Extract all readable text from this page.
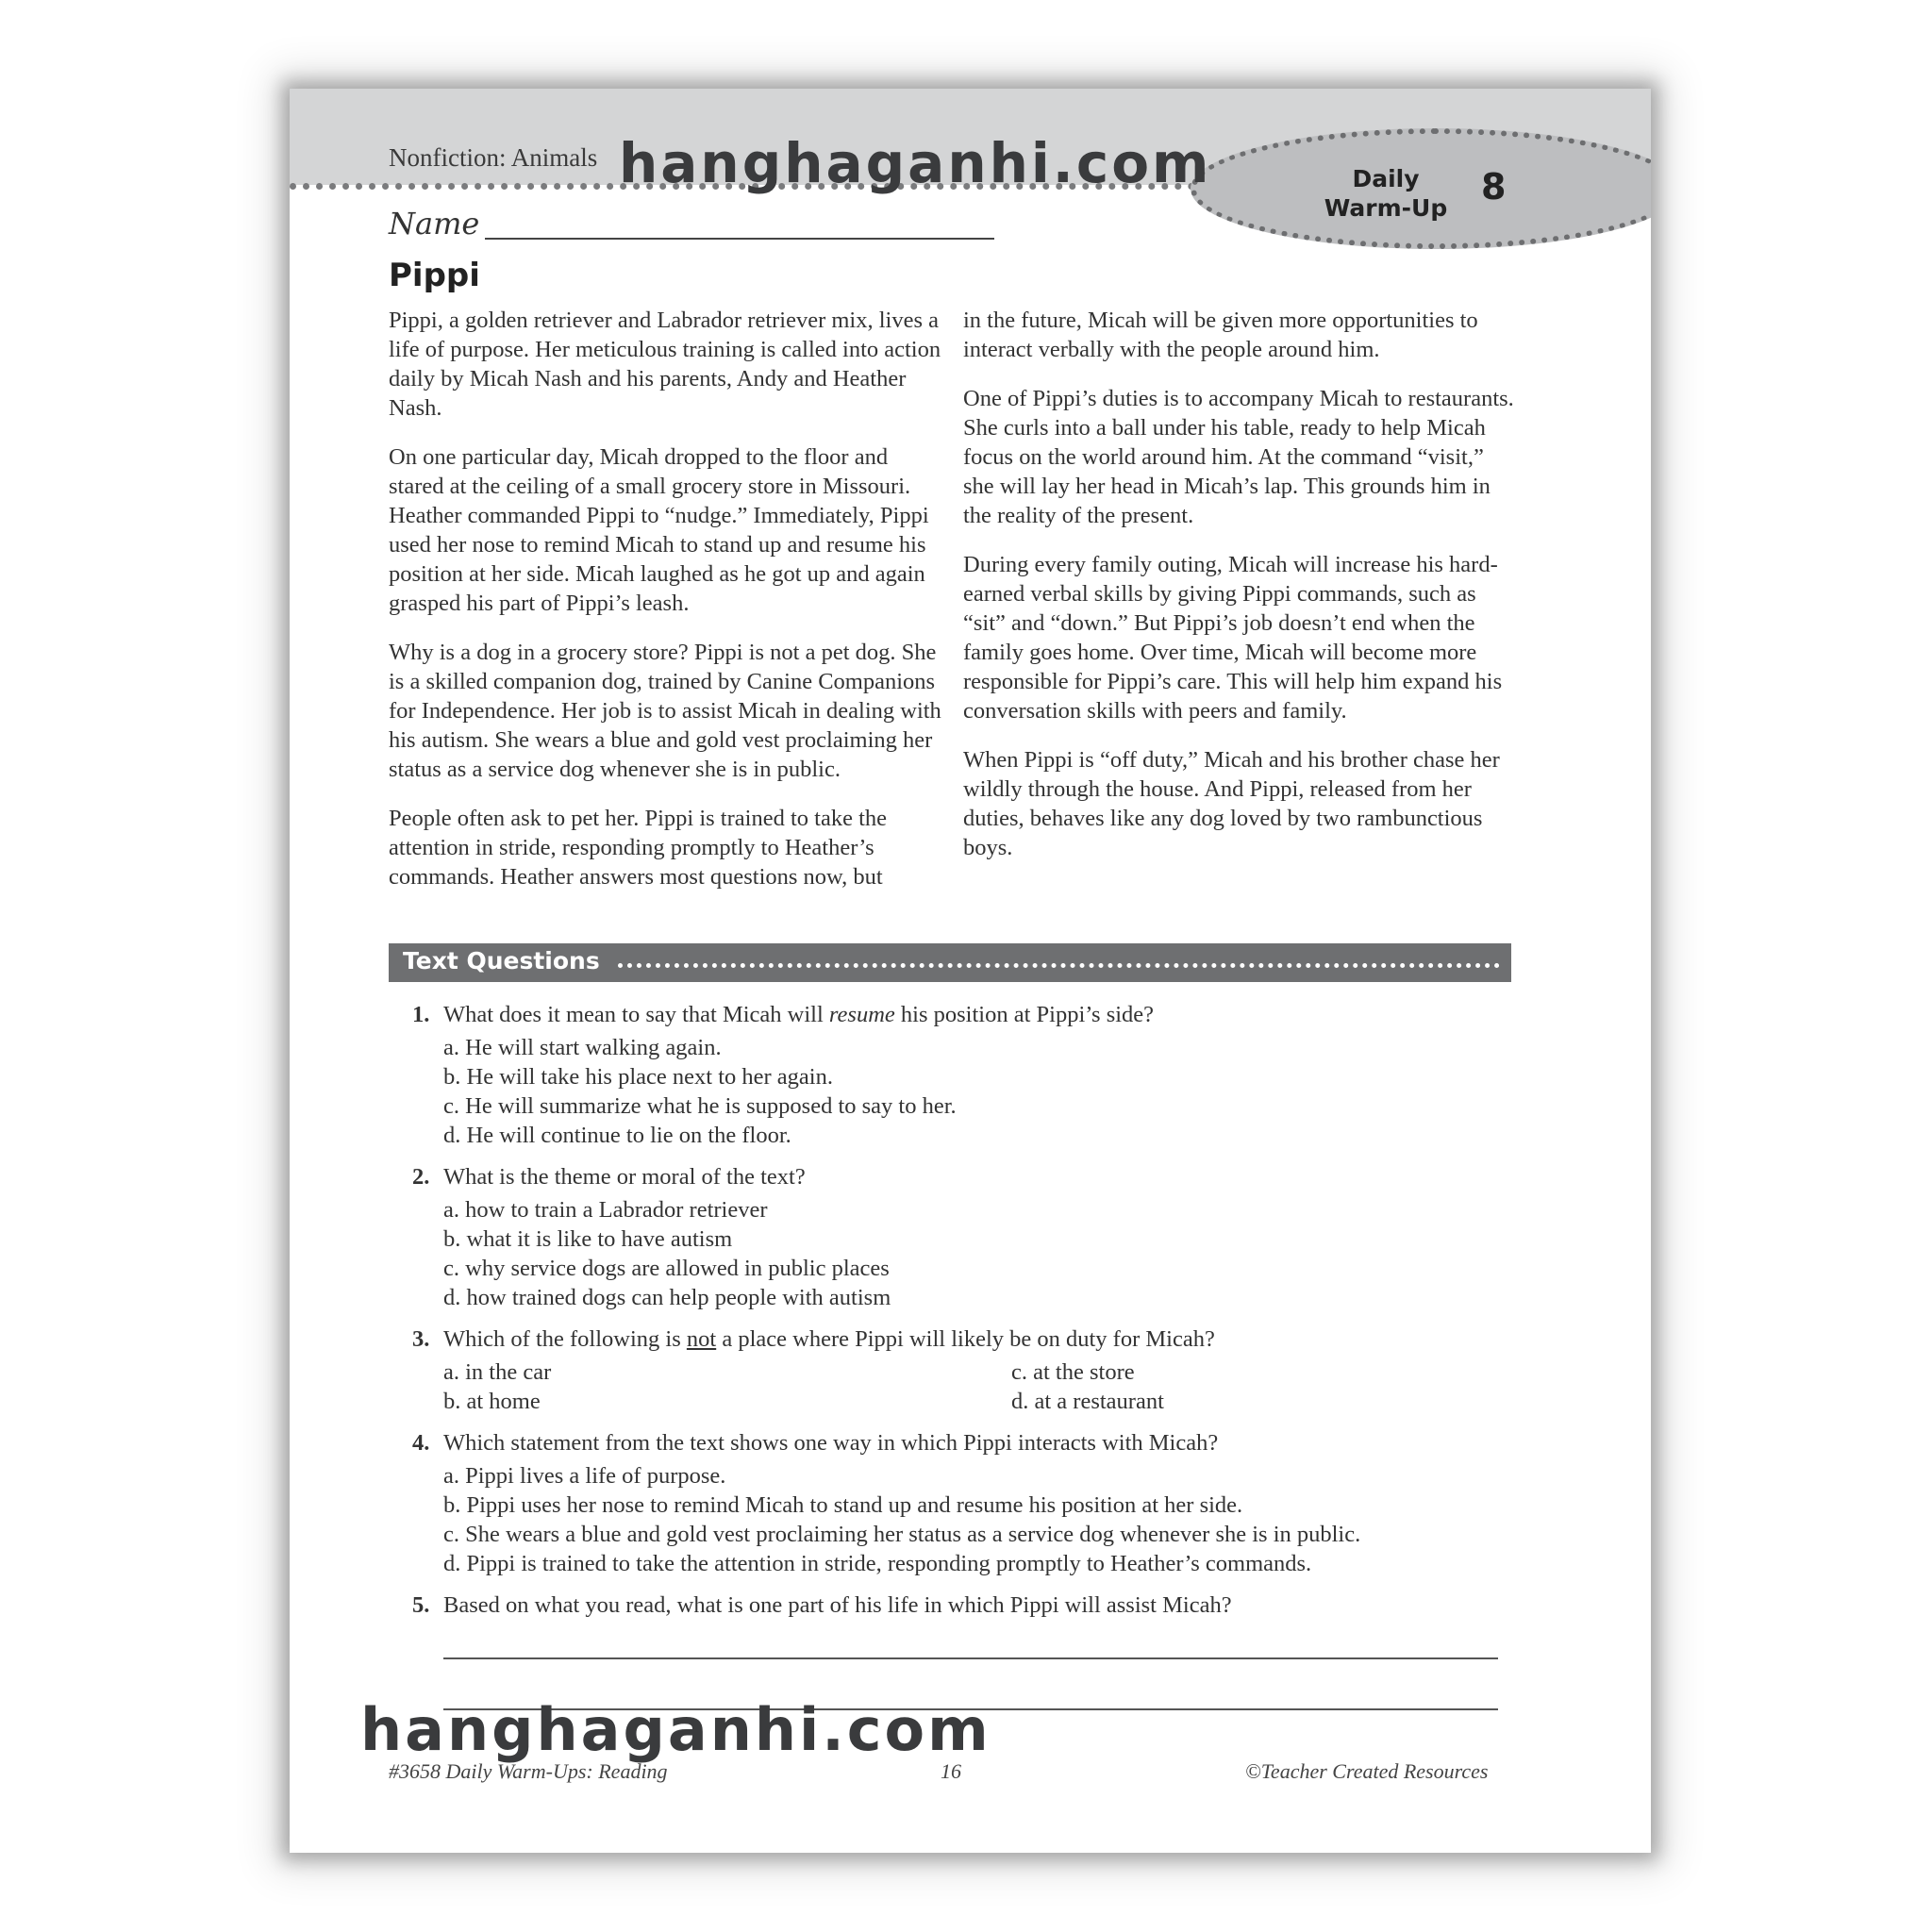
Nonfiction: Animals
Daily
Warm-Up
8
hanghaganhi.com
Name
Pippi

Pippi, a golden retriever and Labrador retriever mix, lives a life of purpose. Her meticulous training is called into action daily by Micah Nash and his parents, Andy and Heather Nash.

On one particular day, Micah dropped to the floor and stared at the ceiling of a small grocery store in Missouri. Heather commanded Pippi to “nudge.” Immediately, Pippi used her nose to remind Micah to stand up and resume his position at her side. Micah laughed as he got up and again grasped his part of Pippi’s leash.

Why is a dog in a grocery store? Pippi is not a pet dog. She is a skilled companion dog, trained by Canine Companions for Independence. Her job is to assist Micah in dealing with his autism. She wears a blue and gold vest proclaiming her status as a service dog whenever she is in public.

People often ask to pet her. Pippi is trained to take the attention in stride, responding promptly to Heather’s commands. Heather answers most questions now, but

in the future, Micah will be given more opportunities to interact verbally with the people around him.

One of Pippi’s duties is to accompany Micah to restaurants. She curls into a ball under his table, ready to help Micah focus on the world around him. At the command “visit,” she will lay her head in Micah’s lap. This grounds him in the reality of the present.

During every family outing, Micah will increase his hard-earned verbal skills by giving Pippi commands, such as “sit” and “down.” But Pippi’s job doesn’t end when the family goes home. Over time, Micah will become more responsible for Pippi’s care. This will help him expand his conversation skills with peers and family.

When Pippi is “off duty,” Micah and his brother chase her wildly through the house. And Pippi, released from her duties, behaves like any dog loved by two rambunctious boys.

Text Questions
1. What does it mean to say that Micah will resume his position at Pippi’s side?
a. He will start walking again.
b. He will take his place next to her again.
c. He will summarize what he is supposed to say to her.
d. He will continue to lie on the floor.
2. What is the theme or moral of the text?
a. how to train a Labrador retriever
b. what it is like to have autism
c. why service dogs are allowed in public places
d. how trained dogs can help people with autism
3. Which of the following is not a place where Pippi will likely be on duty for Micah?
a. in the car	c. at the store
b. at home	d. at a restaurant
4. Which statement from the text shows one way in which Pippi interacts with Micah?
a. Pippi lives a life of purpose.
b. Pippi uses her nose to remind Micah to stand up and resume his position at her side.
c. She wears a blue and gold vest proclaiming her status as a service dog whenever she is in public.
d. Pippi is trained to take the attention in stride, responding promptly to Heather’s commands.
5. Based on what you read, what is one part of his life in which Pippi will assist Micah?
#3658 Daily Warm-Ups: Reading	16	©Teacher Created Resources
hanghaganhi.com
